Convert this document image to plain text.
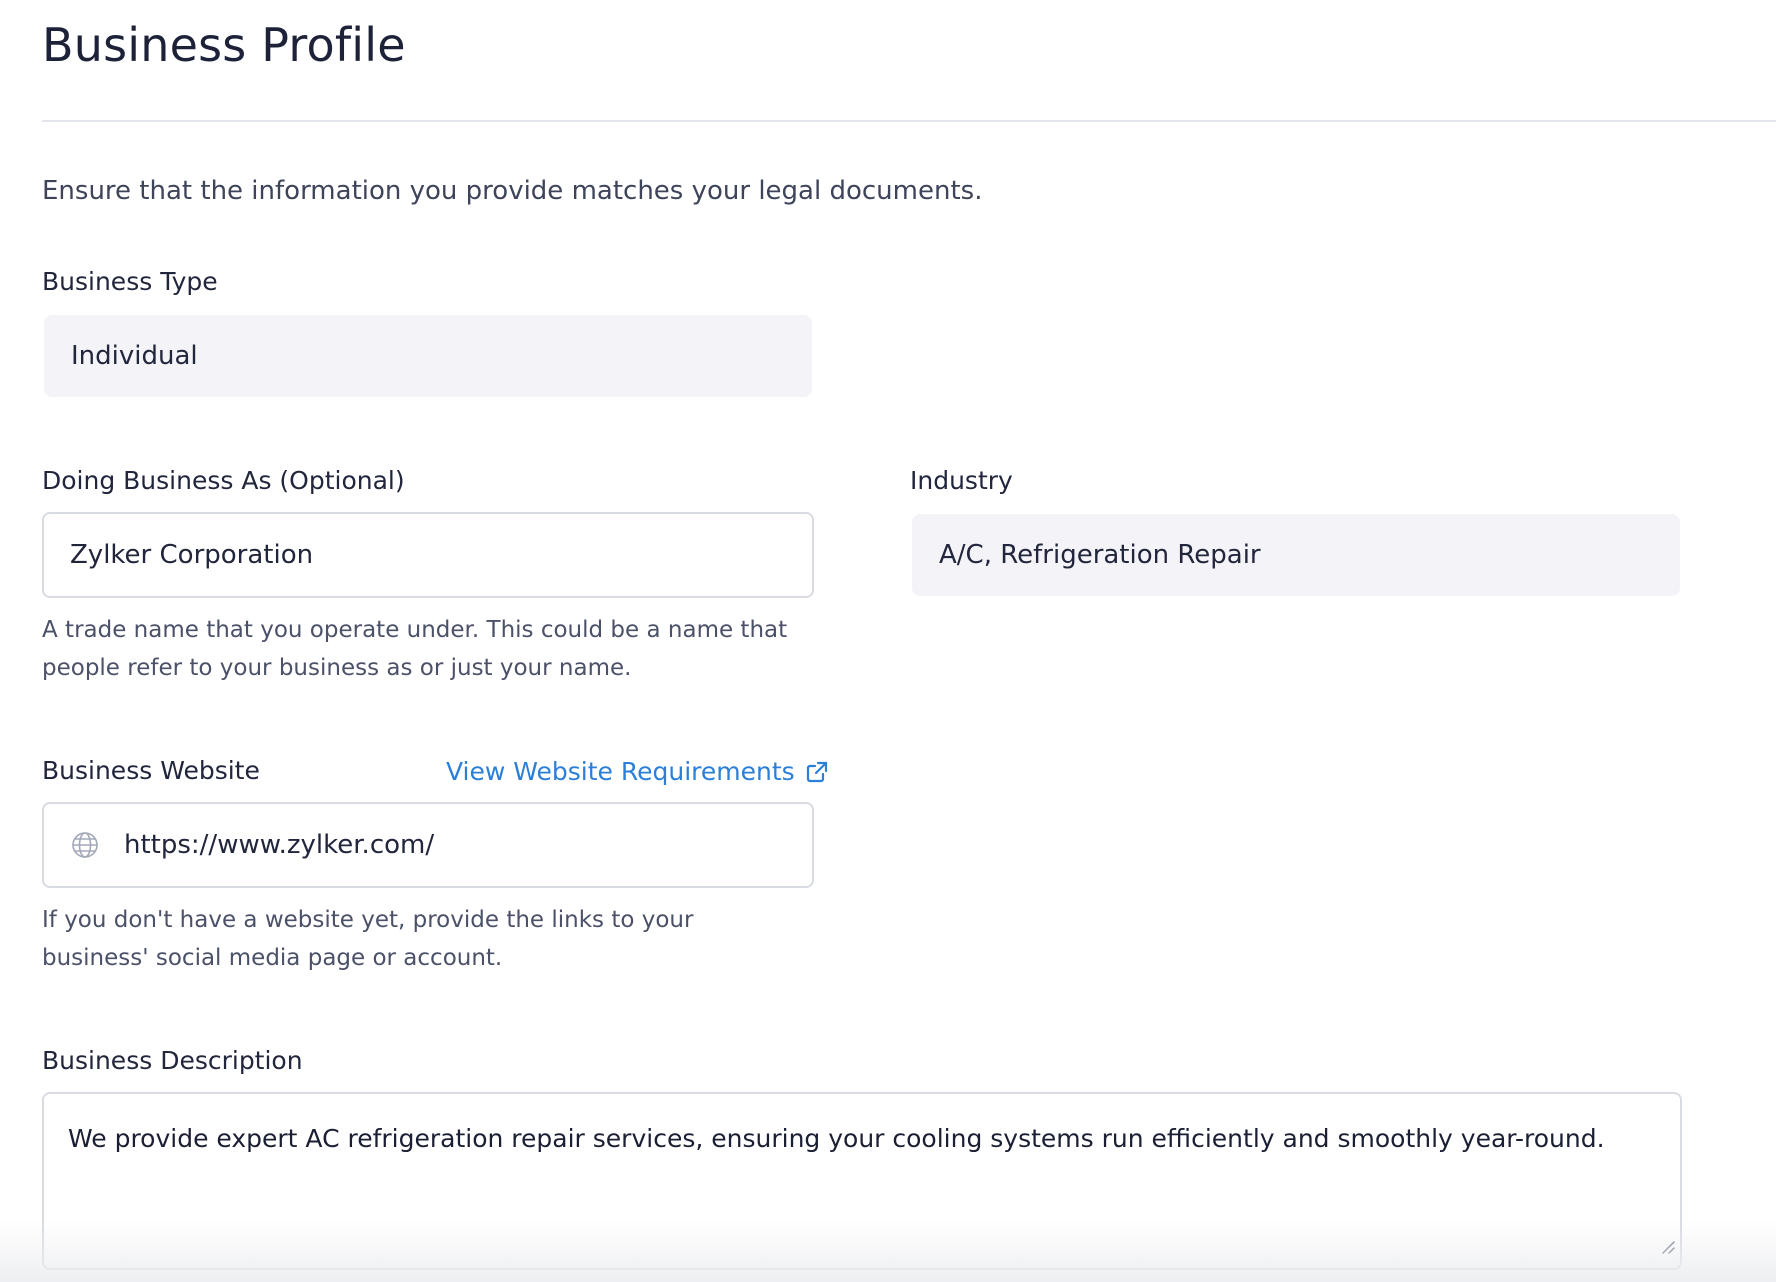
Business Profile
Ensure that the information you provide matches your legal documents.
Business Type
Individual
Doing Business As (Optional)
Zylker Corporation
A trade name that you operate under. This could be a name that people refer to your business as or just your name.
Industry
A/C, Refrigeration Repair
Business Website	View Website Requirements
https://www.zylker.com/
If you don't have a website yet, provide the links to your business' social media page or account.
Business Description
We provide expert AC refrigeration repair services, ensuring your cooling systems run efficiently and smoothly year-round.
